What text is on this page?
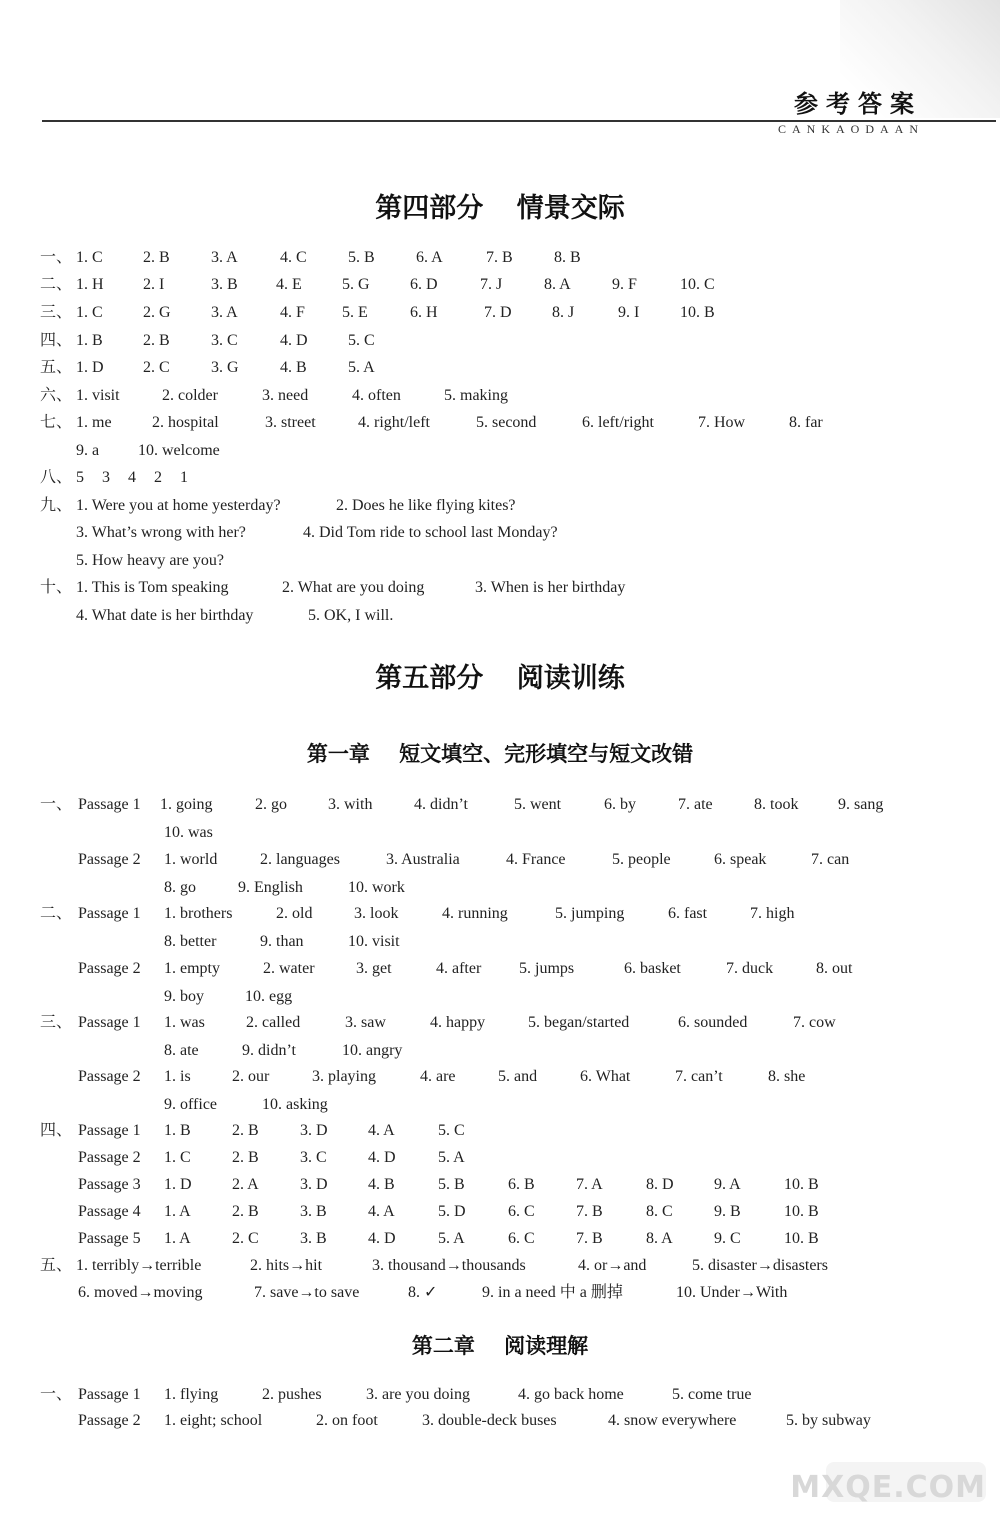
参考答案
CANKAODAAN
第四部分 情景交际
一、 1. C	2. B	3. A	4. C	5. B	6. A	7. B	8. B
二、 1. H 2. I	3. B 4. E	5. G	6. D	7. J	8. A	9. F	10. C
三、 1. C	2. G	3. A	4. F 5. E	6. H	7. D	8. J	9. I	10. B
四、 1. B	2. B	3. C	4. D	5. C
五、 1. D 2. C	3. G	4. B	5. A
六、 1. visit	2. colder	3. need	4. often	5. making
七、 1. me	2. hospital	3. street	4. right/left	5. second	6. left/right	7. How	8. far
9. a 10. welcome
八、 5 3 4 2 1
九、 1. Were you at home yesterday?	2. Does he like flying kites?
3. What’s wrong with her?	4. Did Tom ride to school last Monday?
5. How heavy are you?
十、 1. This is Tom speaking	2. What are you doing	3. When is her birthday
4. What date is her birthday	5. OK, I will.
第五部分 阅读训练
第一章 短文填空、完形填空与短文改错
一、 Passage 1 1. going	2. go	3. with	4. didn’t	5. went	6. by	7. ate	8. took 9. sang
10. was
Passage 2 1. world	2. languages	3. Australia	4. France	5. people	6. speak	7. can
8. go	9. English	10. work
二、 Passage 1 1. brothers	2. old	3. look	4. running	5. jumping	6. fast	7. high
8. better	9. than	10. visit
Passage 2 1. empty	2. water	3. get	4. after 5. jumps	6. basket	7. duck	8. out
9. boy	10. egg
三、 Passage 1 1. was	2. called	3. saw	4. happy	5. began/started	6. sounded	7. cow
8. ate	9. didn’t	10. angry
Passage 2 1. is	2. our	3. playing	4. are	5. and	6. What	7. can’t	8. she
9. office	10. asking
四、 Passage 1 1. B	2. B	3. D	4. A	5. C
Passage 2 1. C	2. B	3. C	4. D	5. A
Passage 3 1. D	2. A	3. D	4. B	5. B	6. B	7. A	8. D	9. A	10. B
Passage 4 1. A	2. B	3. B	4. A	5. D	6. C	7. B	8. C	9. B	10. B
Passage 5 1. A	2. C	3. B	4. D	5. A	6. C	7. B	8. A	9. C	10. B
五、 1. terribly→terrible	2. hits→hit	3. thousand→thousands	4. or→and	5. disaster→disasters
6. moved→moving	7. save→to save	8. ✓	9. in a need 中 a 删掉	10. Under→With
第二章 阅读理解
一、 Passage 1 1. flying	2. pushes	3. are you doing	4. go back home	5. come true
Passage 2 1. eight; school	2. on foot	3. double-deck buses	4. snow everywhere	5. by subway
MXQE.COM
